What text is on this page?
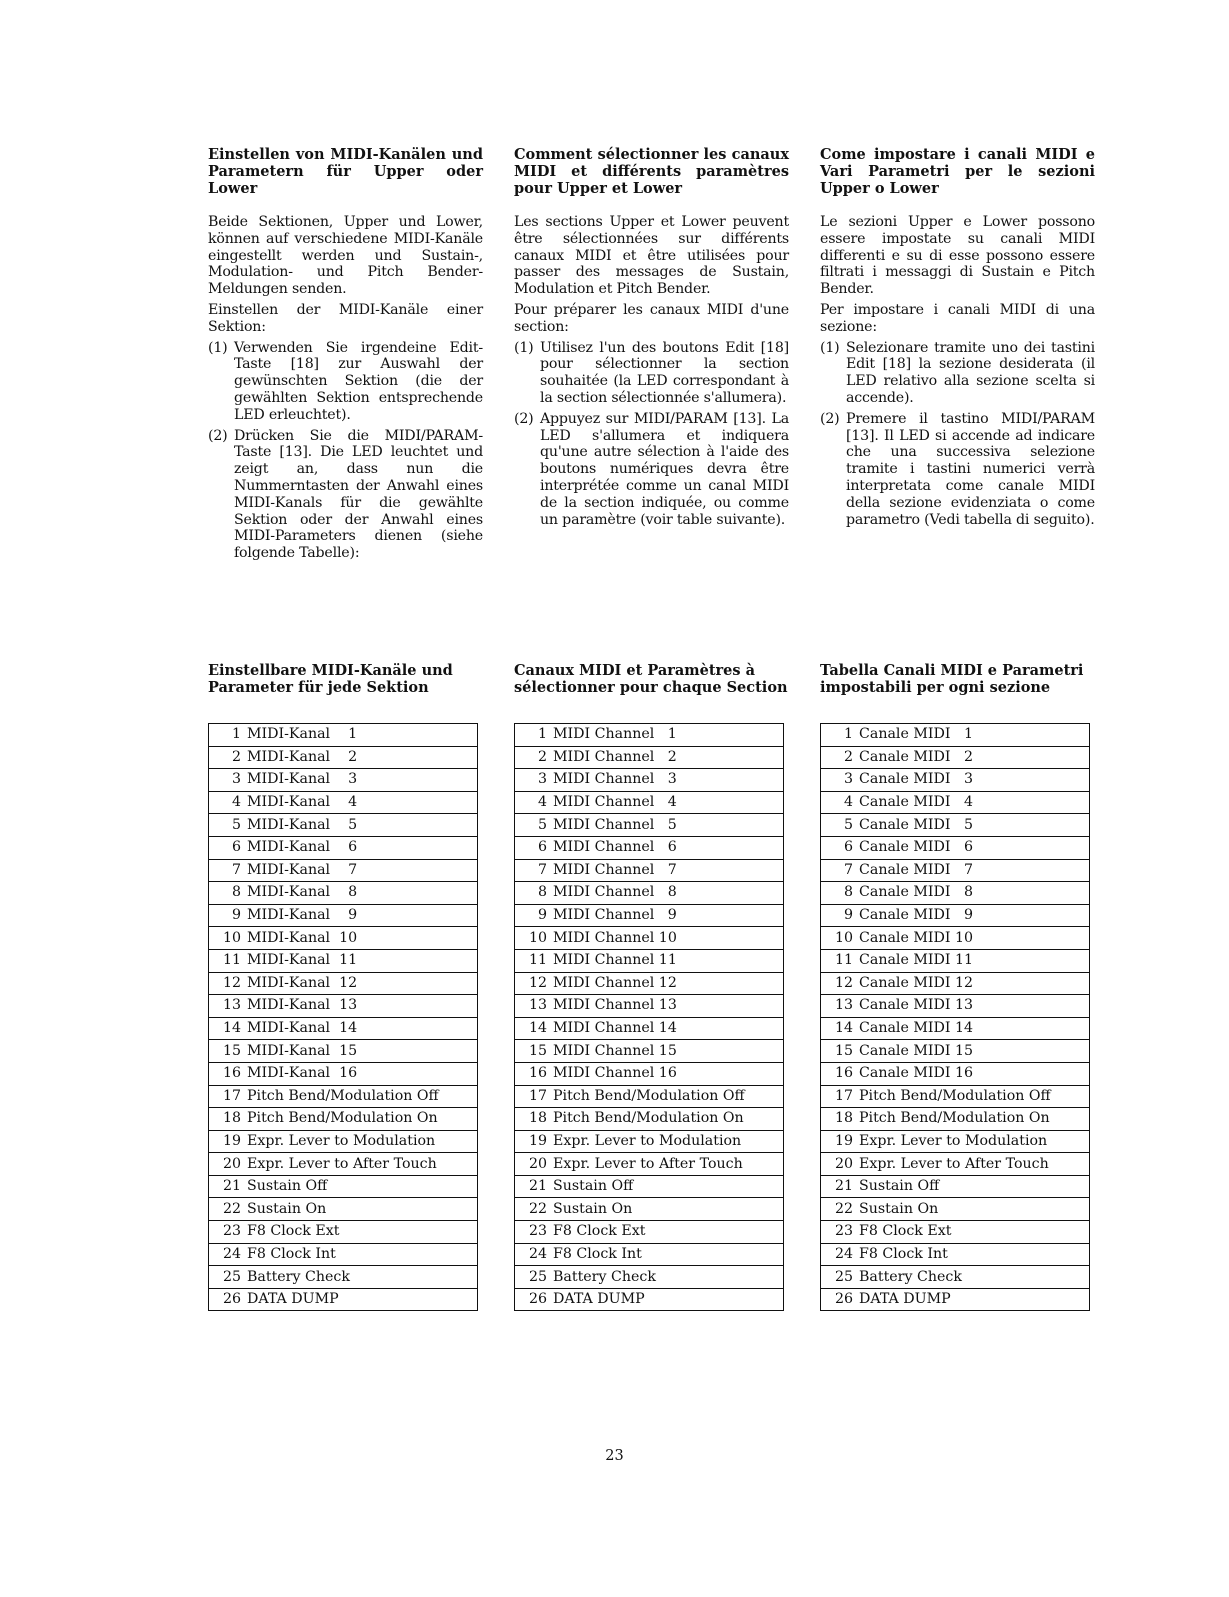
Einstellen von MIDI-Kanälen und Parametern für Upper oder Lower

Beide Sektionen, Upper und Lower, können auf verschiedene MIDI-Kanäle eingestellt werden und Sustain-, Modulation- und Pitch Bender-Meldungen senden.

Einstellen der MIDI-Kanäle einer Sektion:

(1) Verwenden Sie irgendeine Edit-Taste [18] zur Auswahl der gewünschten Sektion (die der gewählten Sektion entsprechende LED erleuchtet).
(2) Drücken Sie die MIDI/PARAM-Taste [13]. Die LED leuchtet und zeigt an, dass nun die Nummerntasten der Anwahl eines MIDI-Kanals für die gewählte Sektion oder der Anwahl eines MIDI-Parameters dienen (siehe folgende Tabelle):

Einstellbare MIDI-Kanäle und Parameter für jede Sektion

1	MIDI-Kanal    1
2	MIDI-Kanal    2
3	MIDI-Kanal    3
4	MIDI-Kanal    4
5	MIDI-Kanal    5
6	MIDI-Kanal    6
7	MIDI-Kanal    7
8	MIDI-Kanal    8
9	MIDI-Kanal    9
10	MIDI-Kanal  10
11	MIDI-Kanal  11
12	MIDI-Kanal  12
13	MIDI-Kanal  13
14	MIDI-Kanal  14
15	MIDI-Kanal  15
16	MIDI-Kanal  16
17	Pitch Bend/Modulation Off
18	Pitch Bend/Modulation On
19	Expr. Lever to Modulation
20	Expr. Lever to After Touch
21	Sustain Off
22	Sustain On
23	F8 Clock Ext
24	F8 Clock Int
25	Battery Check
26	DATA DUMP

Comment sélectionner les canaux MIDI et différents paramètres pour Upper et Lower

Les sections Upper et Lower peuvent être sélectionnées sur différents canaux MIDI et être utilisées pour passer des messages de Sustain, Modulation et Pitch Bender.

Pour préparer les canaux MIDI d'une section:

(1) Utilisez l'un des boutons Edit [18] pour sélectionner la section souhaitée (la LED correspondant à la section sélectionnée s'allumera).
(2) Appuyez sur MIDI/PARAM [13]. La LED s'allumera et indiquera qu'une autre sélection à l'aide des boutons numériques devra être interprétée comme un canal MIDI de la section indiquée, ou comme un paramètre (voir table suivante).

Canaux MIDI et Paramètres à sélectionner pour chaque Section

1	MIDI Channel   1
2	MIDI Channel   2
3	MIDI Channel   3
4	MIDI Channel   4
5	MIDI Channel   5
6	MIDI Channel   6
7	MIDI Channel   7
8	MIDI Channel   8
9	MIDI Channel   9
10	MIDI Channel 10
11	MIDI Channel 11
12	MIDI Channel 12
13	MIDI Channel 13
14	MIDI Channel 14
15	MIDI Channel 15
16	MIDI Channel 16
17	Pitch Bend/Modulation Off
18	Pitch Bend/Modulation On
19	Expr. Lever to Modulation
20	Expr. Lever to After Touch
21	Sustain Off
22	Sustain On
23	F8 Clock Ext
24	F8 Clock Int
25	Battery Check
26	DATA DUMP

Come impostare i canali MIDI e Vari Parametri per le sezioni Upper o Lower

Le sezioni Upper e Lower possono essere impostate su canali MIDI differenti e su di esse possono essere filtrati i messaggi di Sustain e Pitch Bender.

Per impostare i canali MIDI di una sezione:

(1) Selezionare tramite uno dei tastini Edit [18] la sezione desiderata (il LED relativo alla sezione scelta si accende).
(2) Premere il tastino MIDI/PARAM [13]. Il LED si accende ad indicare che una successiva selezione tramite i tastini numerici verrà interpretata come canale MIDI della sezione evidenziata o come parametro (Vedi tabella di seguito).

Tabella Canali MIDI e Parametri impostabili per ogni sezione

1	Canale MIDI   1
2	Canale MIDI   2
3	Canale MIDI   3
4	Canale MIDI   4
5	Canale MIDI   5
6	Canale MIDI   6
7	Canale MIDI   7
8	Canale MIDI   8
9	Canale MIDI   9
10	Canale MIDI 10
11	Canale MIDI 11
12	Canale MIDI 12
13	Canale MIDI 13
14	Canale MIDI 14
15	Canale MIDI 15
16	Canale MIDI 16
17	Pitch Bend/Modulation Off
18	Pitch Bend/Modulation On
19	Expr. Lever to Modulation
20	Expr. Lever to After Touch
21	Sustain Off
22	Sustain On
23	F8 Clock Ext
24	F8 Clock Int
25	Battery Check
26	DATA DUMP
23
